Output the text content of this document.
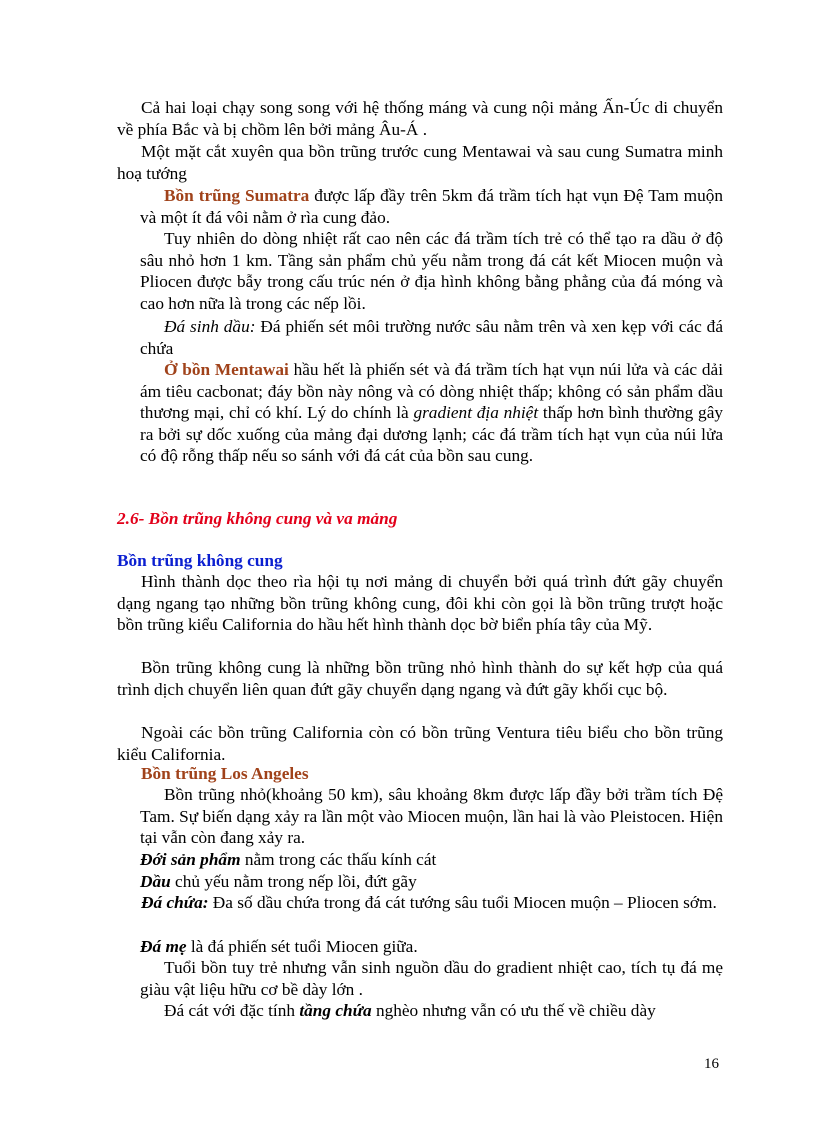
Cả hai loại chạy song song với hệ thống máng và cung nội mảng Ấn-Úc di chuyển về phía Bắc và bị chồm lên bởi mảng Âu-Á .

Một mặt cắt xuyên qua bồn trũng trước cung Mentawai và sau cung Sumatra minh hoạ tướng

Bồn trũng Sumatra được lấp đầy trên 5km đá trầm tích hạt vụn Đệ Tam muộn và một ít đá vôi nằm ở rìa cung đảo.

Tuy nhiên do dòng nhiệt rất cao nên các đá trầm tích trẻ có thể tạo ra dầu ở độ sâu nhỏ hơn 1 km. Tầng sản phẩm chủ yếu nằm trong đá cát kết Miocen muộn và Pliocen được bẫy trong cấu trúc nén ở địa hình không bằng phẳng của đá móng và cao hơn nữa là trong các nếp lồi.

Đá sinh dầu: Đá phiến sét môi trường nước sâu nằm trên và xen kẹp với các đá chứa

Ở bồn Mentawai hầu hết là phiến sét và đá trầm tích hạt vụn núi lửa và các dải ám tiêu cacbonat; đáy bồn này nông và có dòng nhiệt thấp; không có sản phẩm dầu thương mại, chỉ có khí. Lý do chính là gradient địa nhiệt thấp hơn bình thường gây ra bởi sự dốc xuống của mảng đại dương lạnh; các đá trầm tích hạt vụn của núi lửa có độ rỗng thấp nếu so sánh với đá cát của bồn sau cung.

2.6- Bồn trũng không cung và va mảng
Bồn trũng không cung

Hình thành dọc theo rìa hội tụ nơi mảng di chuyển bởi quá trình đứt gãy chuyển dạng ngang tạo những bồn trũng không cung, đôi khi còn gọi là bồn trũng trượt hoặc bồn trũng kiểu California do hầu hết hình thành dọc bờ biển phía tây của Mỹ.

Bồn trũng không cung là những bồn trũng nhỏ hình thành do sự kết hợp của quá trình dịch chuyển liên quan đứt gãy chuyển dạng ngang và đứt gãy khối cục bộ.

Ngoài các bồn trũng California còn có bồn trũng Ventura tiêu biểu cho bồn trũng kiểu California.

Bồn trũng Los Angeles

Bồn trũng nhỏ(khoảng 50 km), sâu khoảng 8km được lấp đầy bởi trầm tích Đệ Tam. Sự biến dạng xảy ra lần một vào Miocen muộn, lần hai là vào Pleistocen. Hiện tại vẫn còn đang xảy ra.

Đới sản phẩm nằm trong các thấu kính cát

Dầu chủ yếu nằm trong nếp lồi, đứt gãy

Đá chứa: Đa số dầu chứa trong đá cát tướng sâu tuổi Miocen muộn – Pliocen sớm.

Đá mẹ là đá phiến sét tuổi Miocen giữa.

Tuổi bồn tuy trẻ nhưng vẫn sinh nguồn dầu do gradient nhiệt cao, tích tụ đá mẹ giàu vật liệu hữu cơ bề dày lớn .

Đá cát với đặc tính tầng chứa nghèo nhưng vẫn có ưu thế về chiều dày

16
